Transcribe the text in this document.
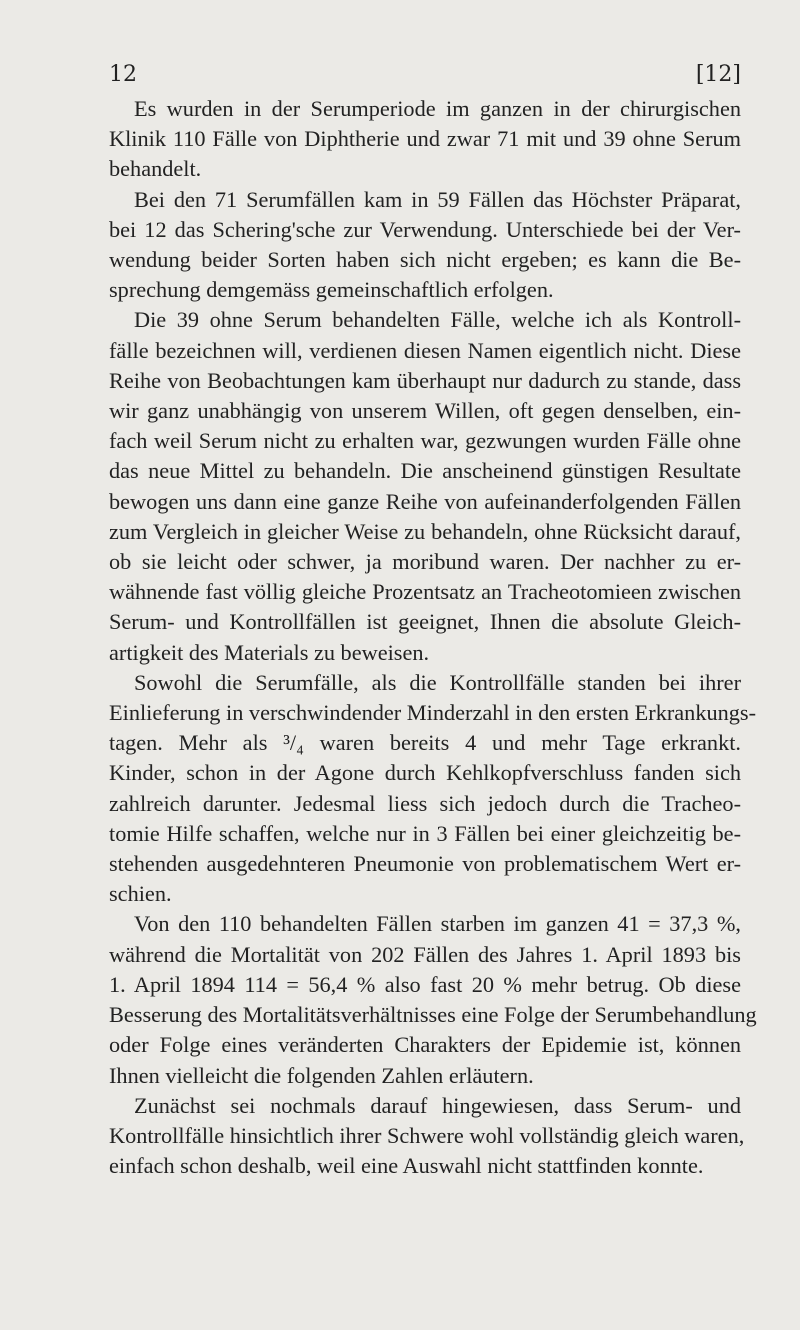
12	[12]
Es wurden in der Serumperiode im ganzen in der chirurgischen
Klinik 110 Fälle von Diphtherie und zwar 71 mit und 39 ohne Serum
behandelt.
Bei den 71 Serumfällen kam in 59 Fällen das Höchster Präparat,
bei 12 das Schering'sche zur Verwendung. Unterschiede bei der Ver-
wendung beider Sorten haben sich nicht ergeben; es kann die Be-
sprechung demgemäss gemeinschaftlich erfolgen.
Die 39 ohne Serum behandelten Fälle, welche ich als Kontroll-
fälle bezeichnen will, verdienen diesen Namen eigentlich nicht. Diese
Reihe von Beobachtungen kam überhaupt nur dadurch zu stande, dass
wir ganz unabhängig von unserem Willen, oft gegen denselben, ein-
fach weil Serum nicht zu erhalten war, gezwungen wurden Fälle ohne
das neue Mittel zu behandeln. Die anscheinend günstigen Resultate
bewogen uns dann eine ganze Reihe von aufeinanderfolgenden Fällen
zum Vergleich in gleicher Weise zu behandeln, ohne Rücksicht darauf,
ob sie leicht oder schwer, ja moribund waren. Der nachher zu er-
wähnende fast völlig gleiche Prozentsatz an Tracheotomieen zwischen
Serum- und Kontrollfällen ist geeignet, Ihnen die absolute Gleich-
artigkeit des Materials zu beweisen.
Sowohl die Serumfälle, als die Kontrollfälle standen bei ihrer
Einlieferung in verschwindender Minderzahl in den ersten Erkrankungs-
tagen. Mehr als ³/₄ waren bereits 4 und mehr Tage erkrankt.
Kinder, schon in der Agone durch Kehlkopfverschluss fanden sich
zahlreich darunter. Jedesmal liess sich jedoch durch die Tracheo-
tomie Hilfe schaffen, welche nur in 3 Fällen bei einer gleichzeitig be-
stehenden ausgedehnteren Pneumonie von problematischem Wert er-
schien.
Von den 110 behandelten Fällen starben im ganzen 41 = 37,3 %,
während die Mortalität von 202 Fällen des Jahres 1. April 1893 bis
1. April 1894 114 = 56,4 % also fast 20 % mehr betrug. Ob diese
Besserung des Mortalitätsverhältnisses eine Folge der Serumbehandlung
oder Folge eines veränderten Charakters der Epidemie ist, können
Ihnen vielleicht die folgenden Zahlen erläutern.
Zunächst sei nochmals darauf hingewiesen, dass Serum- und
Kontrollfälle hinsichtlich ihrer Schwere wohl vollständig gleich waren,
einfach schon deshalb, weil eine Auswahl nicht stattfinden konnte.
